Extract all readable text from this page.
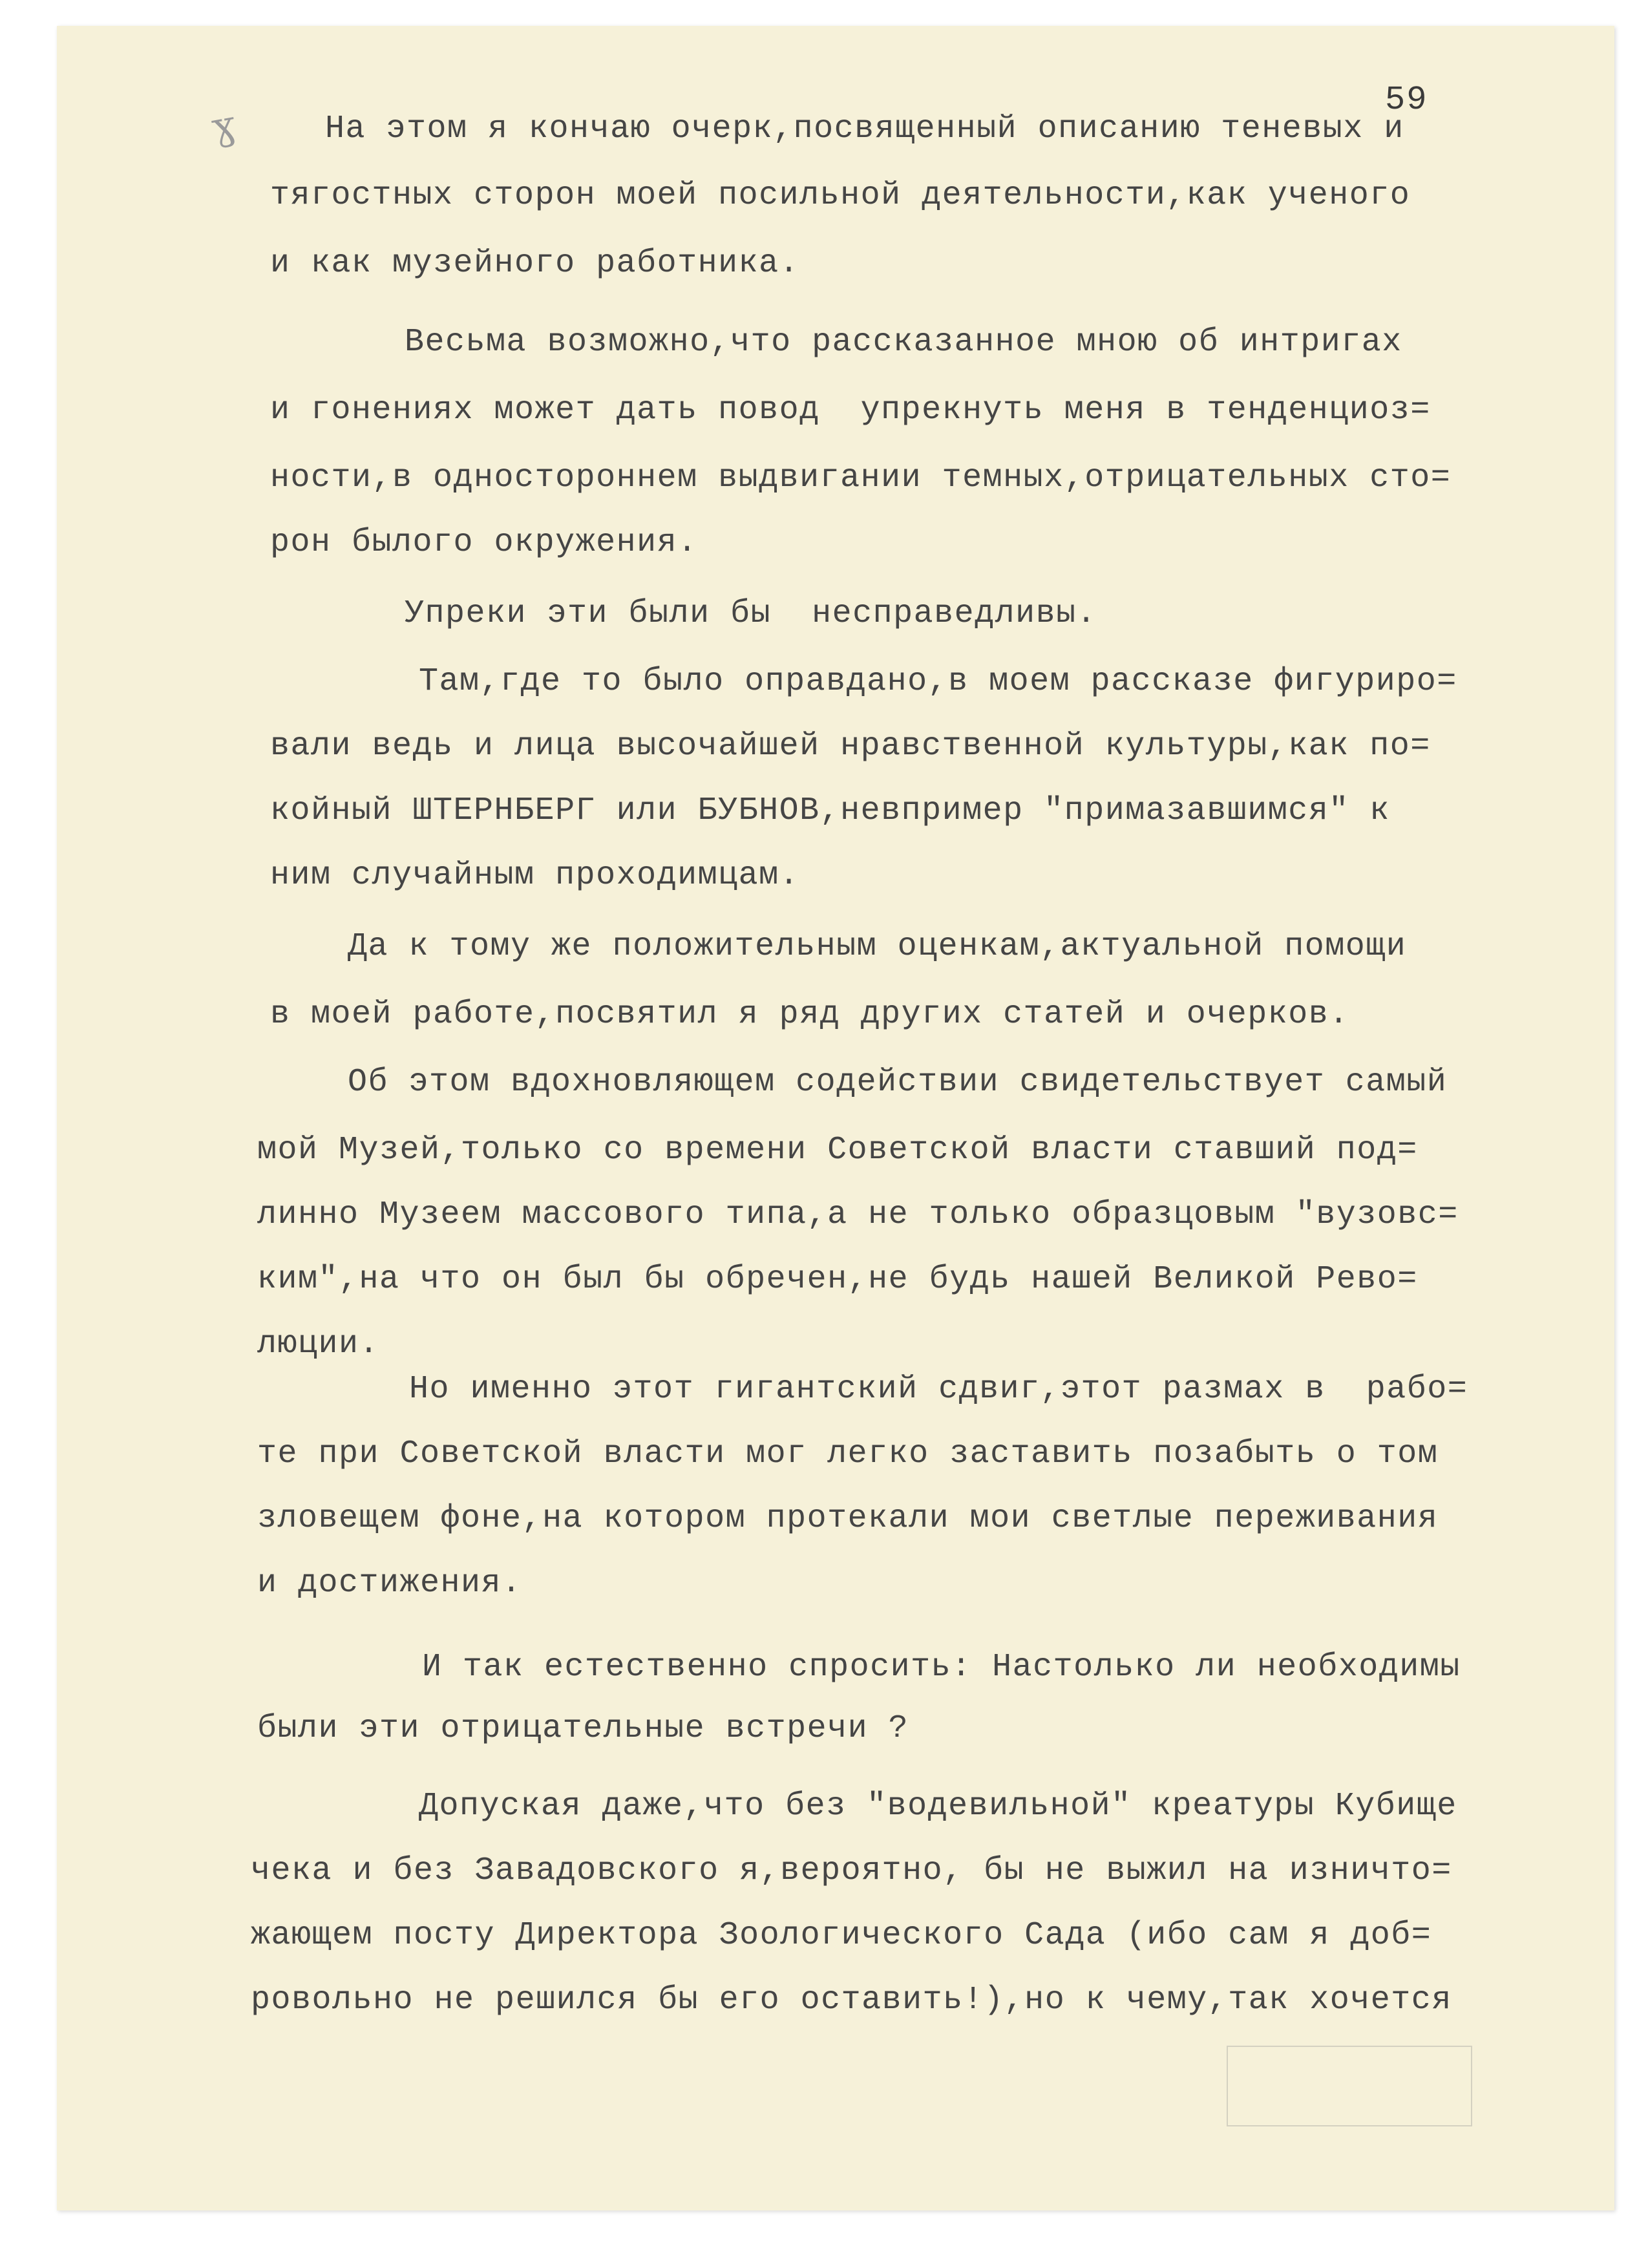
ɣ
59
На этом я кончаю очерк,посвященный описанию теневых и
тягостных сторон моей посильной деятельности,как ученого
и как музейного работника.
Весьма возможно,что рассказанное мною об интригах
и гонениях может дать повод  упрекнуть меня в тенденциоз=
ности,в одностороннем выдвигании темных,отрицательных сто=
рон былого окружения.
Упреки эти были бы  несправедливы.
Там,где то было оправдано,в моем рассказе фигуриро=
вали ведь и лица высочайшей нравственной культуры,как по=
койный ШТЕРНБЕРГ или БУБНОВ,невпример "примазавшимся" к
ним случайным проходимцам.
Да к тому же положительным оценкам,актуальной помощи
в моей работе,посвятил я ряд других статей и очерков.
Об этом вдохновляющем содействии свидетельствует самый
мой Музей,только со времени Советской власти ставший под=
линно Музеем массового типа,а не только образцовым "вузовс=
ким",на что он был бы обречен,не будь нашей Великой Рево=
люции.
Но именно этот гигантский сдвиг,этот размах в  рабо=
те при Советской власти мог легко заставить позабыть о том
зловещем фоне,на котором протекали мои светлые переживания
и достижения.
И так естественно спросить: Настолько ли необходимы
были эти отрицательные встречи ?
Допуская даже,что без "водевильной" креатуры Кубище
чека и без Завадовского я,вероятно, бы не выжил на изничто=
жающем посту Директора Зоологического Сада (ибо сам я доб=
ровольно не решился бы его оставить!),но к чему,так хочется
